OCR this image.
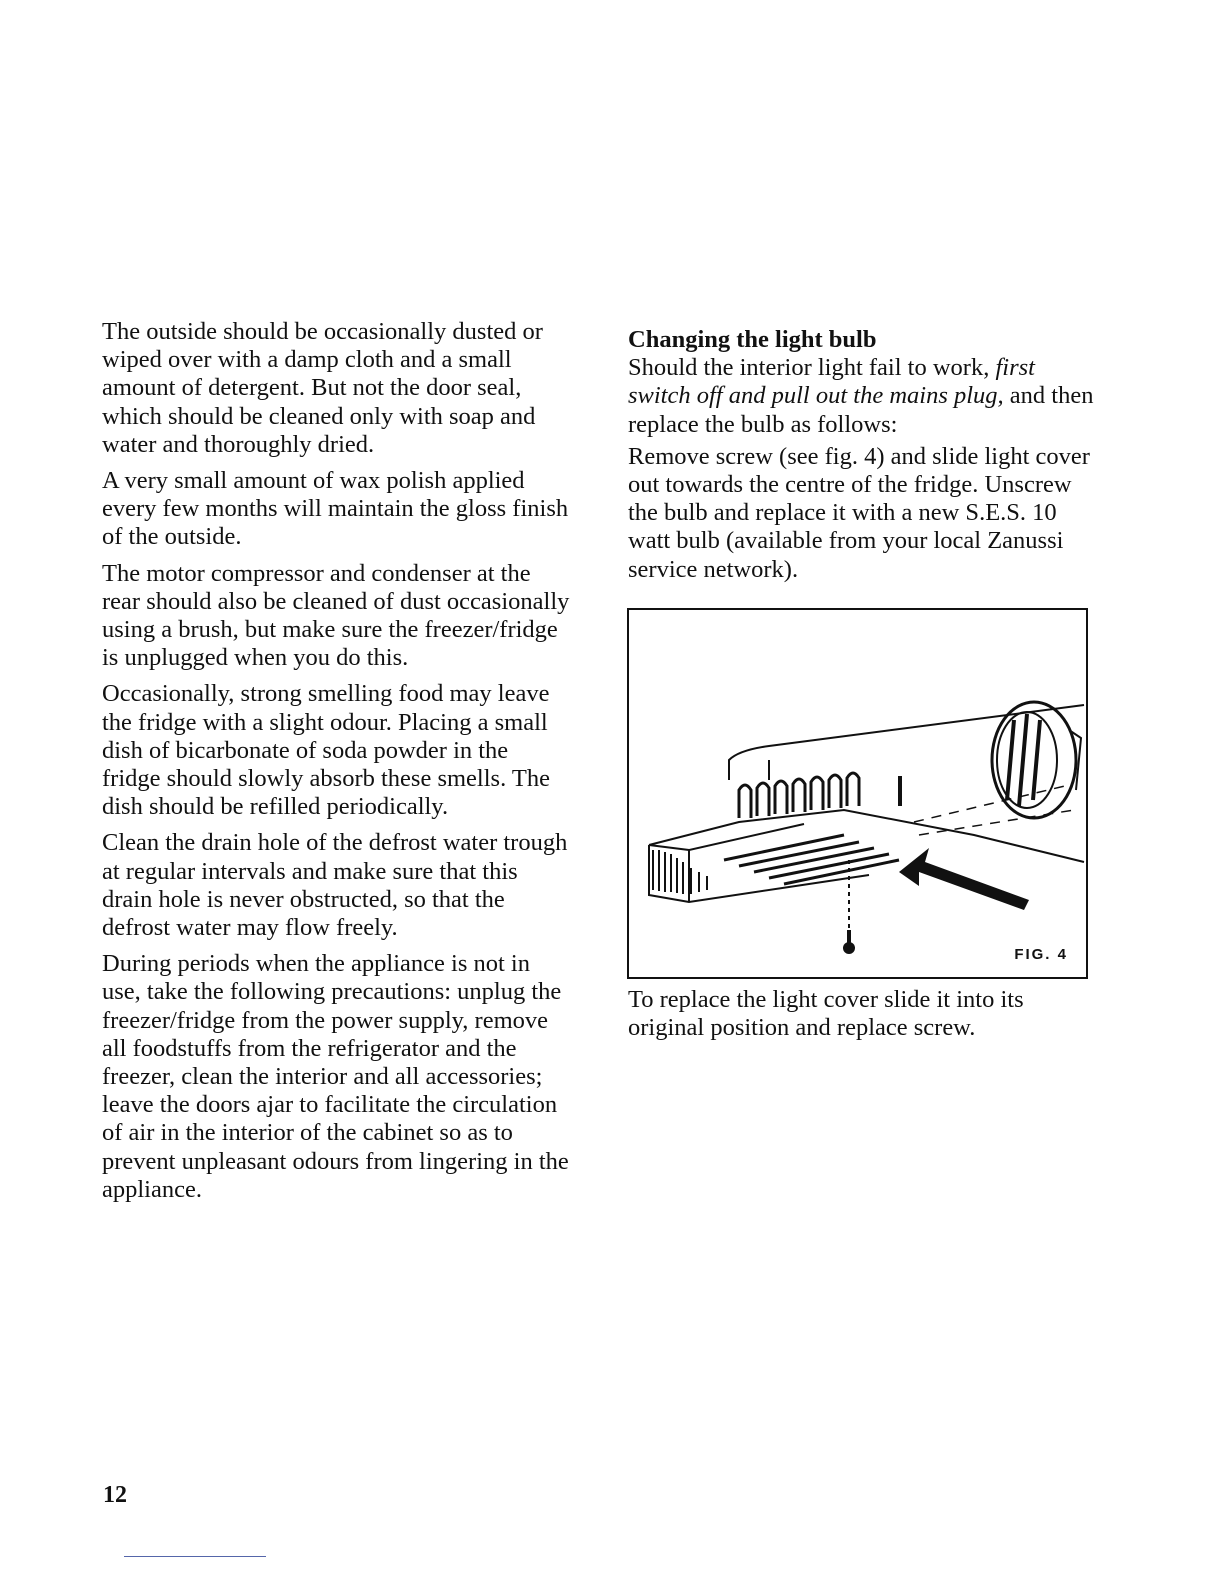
The outside should be occasionally dusted or wiped over with a damp cloth and a small amount of detergent. But not the door seal, which should be cleaned only with soap and water and thoroughly dried.

A very small amount of wax polish applied every few months will maintain the gloss finish of the outside.

The motor compressor and condenser at the rear should also be cleaned of dust occasionally using a brush, but make sure the freezer/fridge is unplugged when you do this.

Occasionally, strong smelling food may leave the fridge with a slight odour. Placing a small dish of bicarbonate of soda powder in the fridge should slowly absorb these smells. The dish should be refilled periodically.

Clean the drain hole of the defrost water trough at regular intervals and make sure that this drain hole is never obstructed, so that the defrost water may flow freely.

During periods when the appliance is not in use, take the following precautions: unplug the freezer/fridge from the power supply, remove all foodstuffs from the refrigerator and the freezer, clean the interior and all accessories; leave the doors ajar to facilitate the circulation of air in the interior of the cabinet so as to prevent unpleasant odours from lingering in the appliance.

Changing the light bulb

Should the interior light fail to work, first switch off and pull out the mains plug, and then replace the bulb as follows:

Remove screw (see fig. 4) and slide light cover out towards the centre of the fridge. Unscrew the bulb and replace it with a new S.E.S. 10 watt bulb (available from your local Zanussi service network).

FIG. 4

To replace the light cover slide it into its original position and replace screw.

12
